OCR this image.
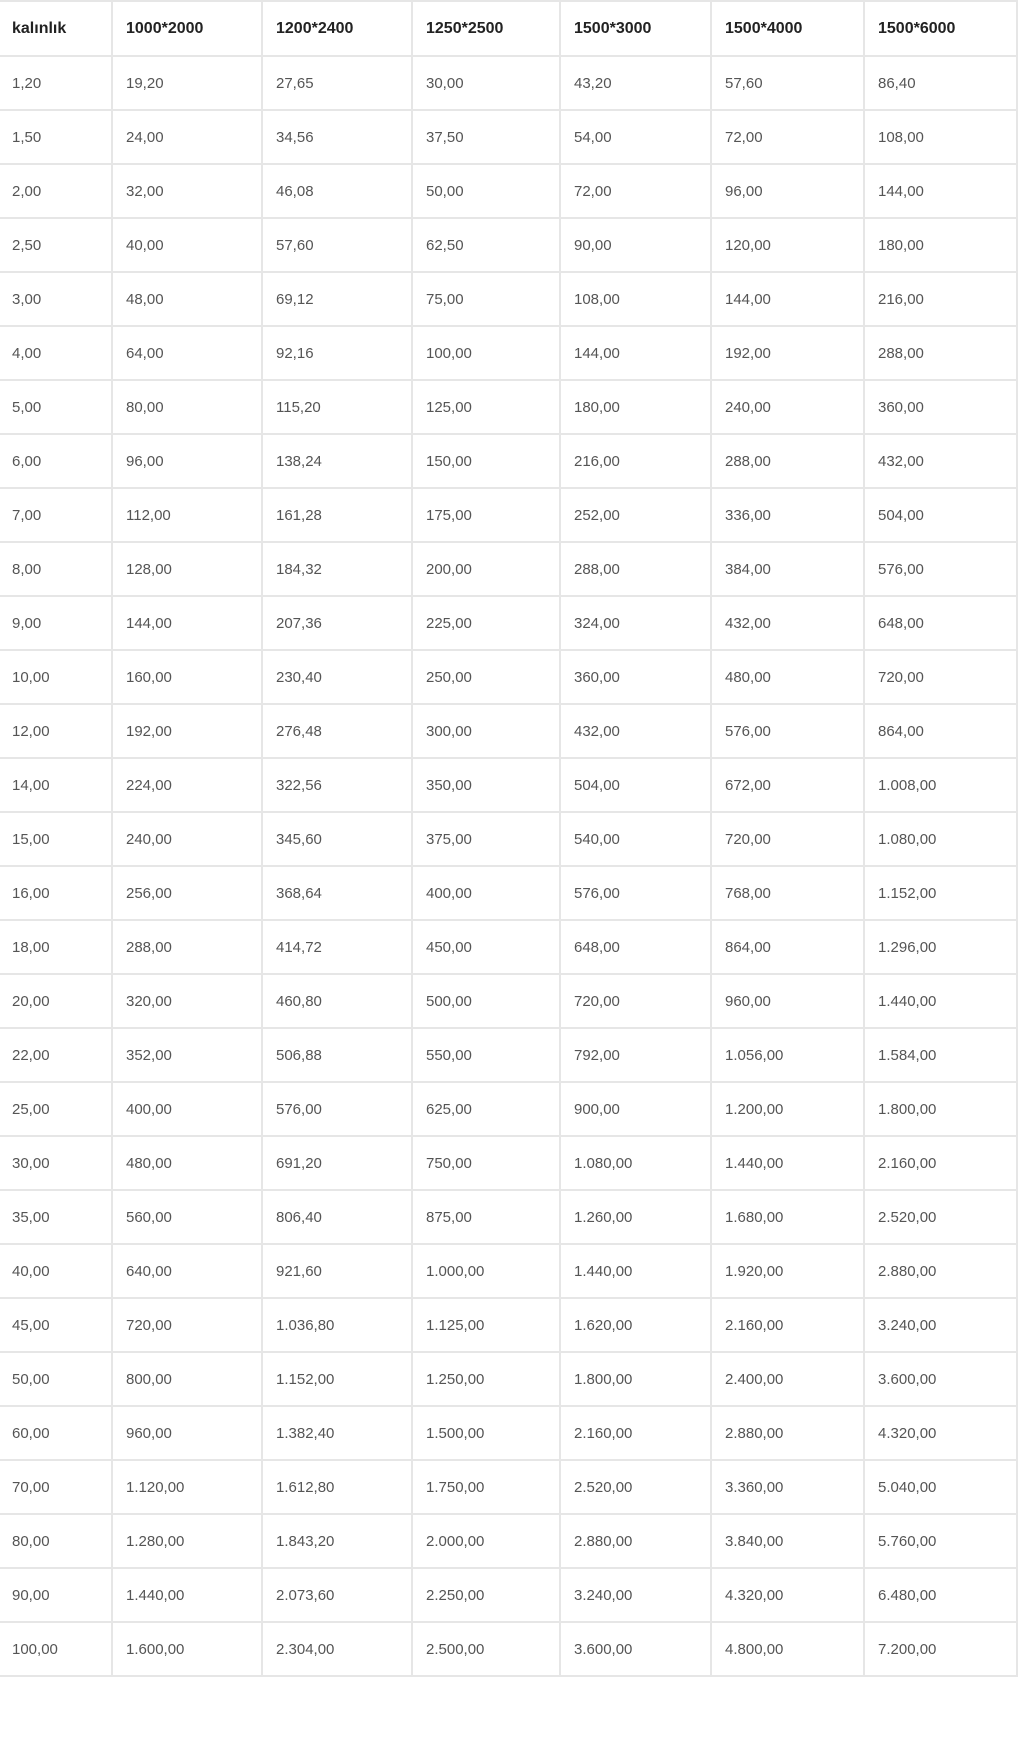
kalınlık	1000*2000	1200*2400	1250*2500	1500*3000	1500*4000	1500*6000
1,20	19,20	27,65	30,00	43,20	57,60	86,40
1,50	24,00	34,56	37,50	54,00	72,00	108,00
2,00	32,00	46,08	50,00	72,00	96,00	144,00
2,50	40,00	57,60	62,50	90,00	120,00	180,00
3,00	48,00	69,12	75,00	108,00	144,00	216,00
4,00	64,00	92,16	100,00	144,00	192,00	288,00
5,00	80,00	115,20	125,00	180,00	240,00	360,00
6,00	96,00	138,24	150,00	216,00	288,00	432,00
7,00	112,00	161,28	175,00	252,00	336,00	504,00
8,00	128,00	184,32	200,00	288,00	384,00	576,00
9,00	144,00	207,36	225,00	324,00	432,00	648,00
10,00	160,00	230,40	250,00	360,00	480,00	720,00
12,00	192,00	276,48	300,00	432,00	576,00	864,00
14,00	224,00	322,56	350,00	504,00	672,00	1.008,00
15,00	240,00	345,60	375,00	540,00	720,00	1.080,00
16,00	256,00	368,64	400,00	576,00	768,00	1.152,00
18,00	288,00	414,72	450,00	648,00	864,00	1.296,00
20,00	320,00	460,80	500,00	720,00	960,00	1.440,00
22,00	352,00	506,88	550,00	792,00	1.056,00	1.584,00
25,00	400,00	576,00	625,00	900,00	1.200,00	1.800,00
30,00	480,00	691,20	750,00	1.080,00	1.440,00	2.160,00
35,00	560,00	806,40	875,00	1.260,00	1.680,00	2.520,00
40,00	640,00	921,60	1.000,00	1.440,00	1.920,00	2.880,00
45,00	720,00	1.036,80	1.125,00	1.620,00	2.160,00	3.240,00
50,00	800,00	1.152,00	1.250,00	1.800,00	2.400,00	3.600,00
60,00	960,00	1.382,40	1.500,00	2.160,00	2.880,00	4.320,00
70,00	1.120,00	1.612,80	1.750,00	2.520,00	3.360,00	5.040,00
80,00	1.280,00	1.843,20	2.000,00	2.880,00	3.840,00	5.760,00
90,00	1.440,00	2.073,60	2.250,00	3.240,00	4.320,00	6.480,00
100,00	1.600,00	2.304,00	2.500,00	3.600,00	4.800,00	7.200,00
